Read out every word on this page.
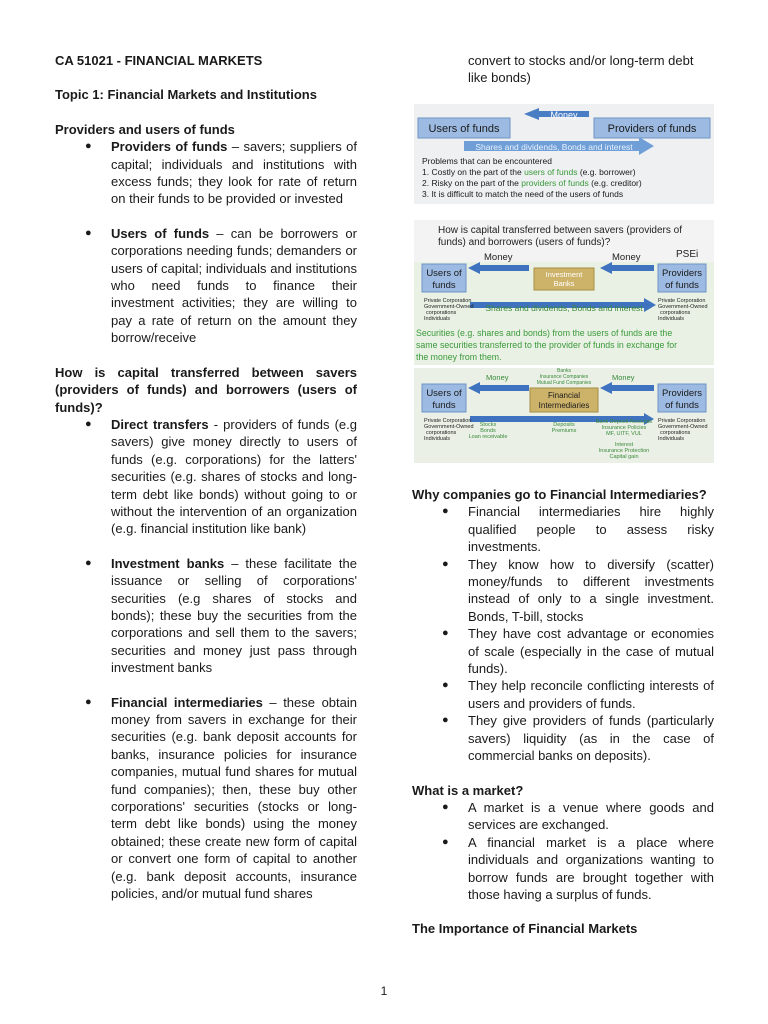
CA 51021 - FINANCIAL MARKETS
Topic 1: Financial Markets and Institutions
Providers and users of funds
● Providers of funds – savers; suppliers of capital; individuals and institutions with excess funds; they look for rate of return on their funds to be provided or invested
● Users of funds – can be borrowers or corporations needing funds; demanders or users of capital; individuals and institutions who need funds to finance their investment activities; they are willing to pay a rate of return on the amount they borrow/receive
How is capital transferred between savers (providers of funds) and borrowers (users of funds)?
● Direct transfers - providers of funds (e.g savers) give money directly to users of funds (e.g. corporations) for the latters' securities (e.g. shares of stocks and long-term debt like bonds) without going to or without the intervention of an organization (e.g. financial institution like bank)
● Investment banks – these facilitate the issuance or selling of corporations' securities (e.g shares of stocks and bonds); these buy the securities from the corporations and sell them to the savers; securities and money just pass through investment banks
● Financial intermediaries – these obtain money from savers in exchange for their securities (e.g. bank deposit accounts for banks, insurance policies for insurance companies, mutual fund shares for mutual fund companies); then, these buy other corporations' securities (stocks or long-term debt like bonds) using the money obtained; these create new form of capital or convert one form of capital to another (e.g. bank deposit accounts, insurance policies, and/or mutual fund shares
convert to stocks and/or long-term debt like bonds)
Money
Users of funds	Providers of funds
Shares and dividends, Bonds and interest
Problems that can be encountered
1. Costly on the part of the users of funds (e.g. borrower)
2. Risky on the part of the providers of funds (e.g. creditor)
3. It is difficult to match the need of the users of funds
How is capital transferred between savers (providers of
funds) and borrowers (users of funds)?
PSEi
Money	Money
Users of
funds
Investment
Banks
Providers
of funds
Shares and dividends, Bonds and interest
Private Corporation
Government-Owned
corporations
Individuals
Private Corporation
Government-Owned
corporations
Individuals
Securities (e.g. shares and bonds) from the users of funds are the
same securities transferred to the provider of funds in exchange for
the money from them.
Banks
Insurance Companies
Mutual Fund Companies
Money	Money
Users of
funds
Financial
Intermediaries
Providers
of funds
Private Corporation
Government-Owned
corporations
Individuals
Stocks
Bonds
Loan receivable
Deposits
Premiums
Bank Deposit Accounts
Insurance Policies
MF, UITF, VUL
Private Corporation
Government-Owned
corporations
Individuals
Interest
Insurance Protection
Capital gain
Why companies go to Financial Intermediaries?
● Financial intermediaries hire highly qualified people to assess risky investments.
● They know how to diversify (scatter) money/funds to different investments instead of only to a single investment. Bonds, T-bill, stocks
● They have cost advantage or economies of scale (especially in the case of mutual funds).
● They help reconcile conflicting interests of users and providers of funds.
● They give providers of funds (particularly savers) liquidity (as in the case of commercial banks on deposits).
What is a market?
● A market is a venue where goods and services are exchanged.
● A financial market is a place where individuals and organizations wanting to borrow funds are brought together with those having a surplus of funds.
The Importance of Financial Markets
1
